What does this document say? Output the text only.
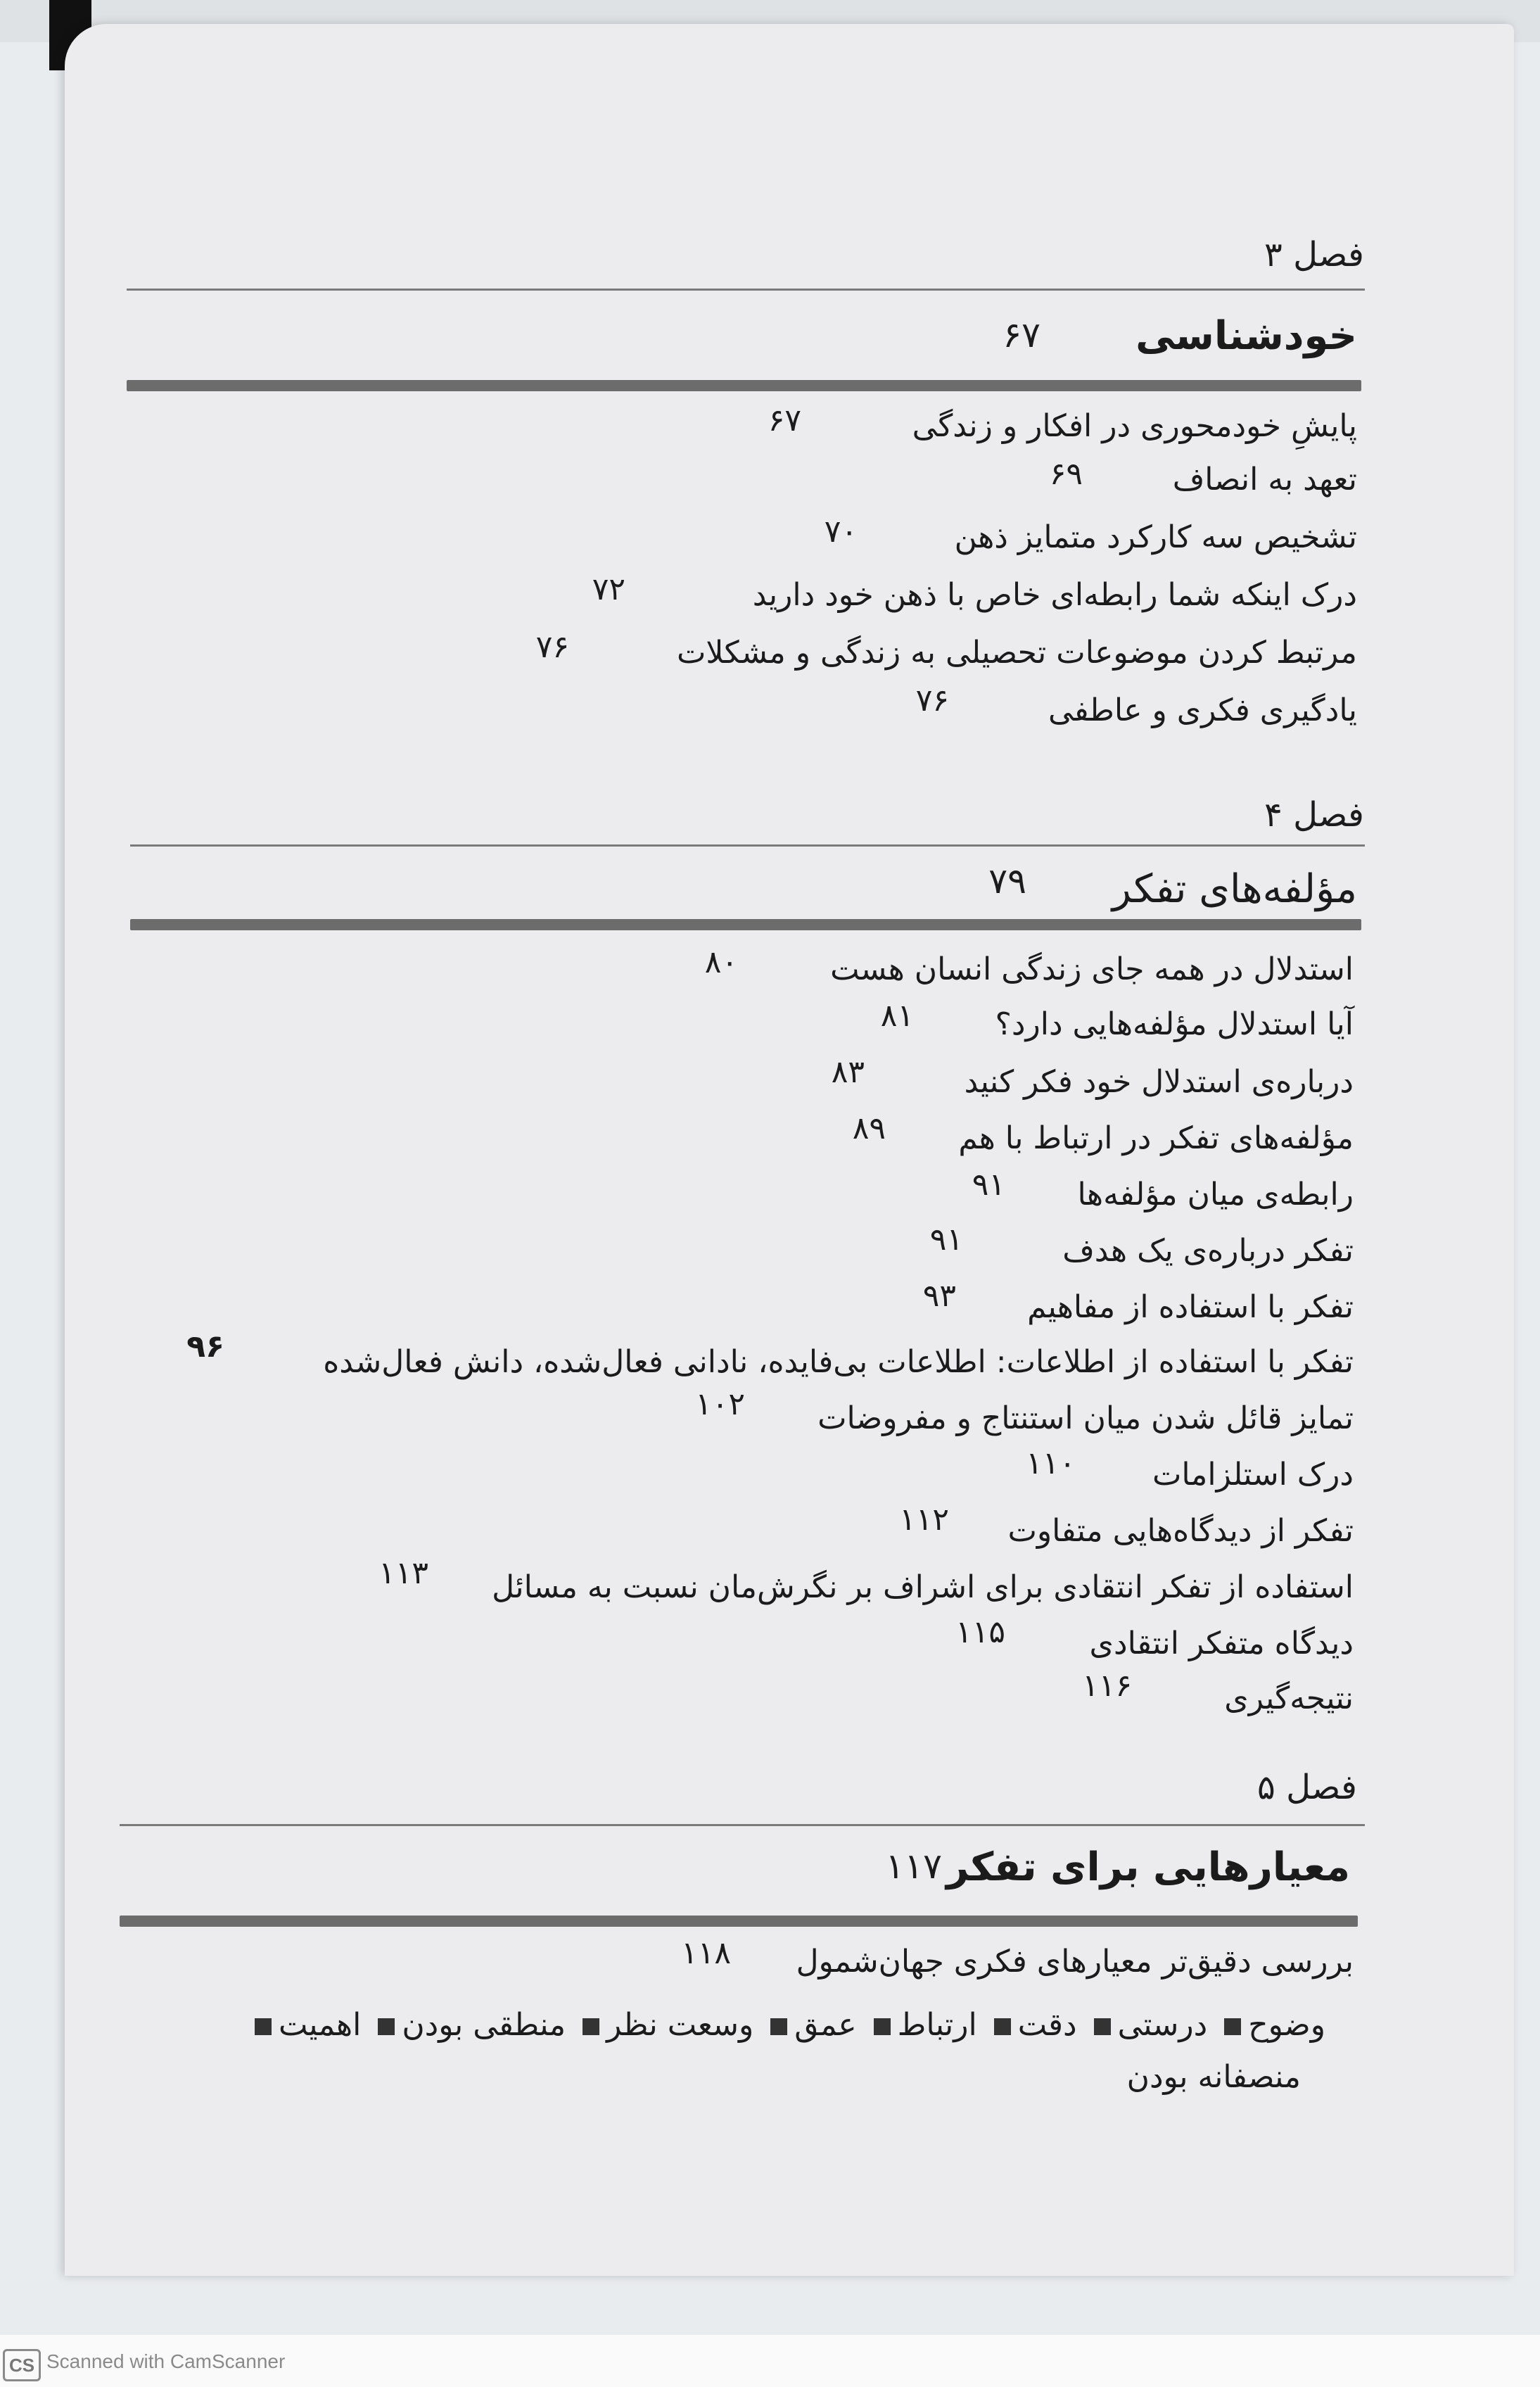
فصل ۳
خودشناسی
۶۷
پایشِ خودمحوری در افکار و زندگی
۶۷
تعهد به انصاف
۶۹
تشخیص سه کارکرد متمایز ذهن
۷۰
درک اینکه شما رابطه‌ای خاص با ذهن خود دارید
۷۲
مرتبط کردن موضوعات تحصیلی به زندگی و مشکلات
۷۶
یادگیری فکری و عاطفی
۷۶
فصل ۴
مؤلفه‌های تفکر
۷۹
استدلال در همه جای زندگی انسان هست
۸۰
آیا استدلال مؤلفه‌هایی دارد؟
۸۱
درباره‌ی استدلال خود فکر کنید
۸۳
مؤلفه‌های تفکر در ارتباط با هم
۸۹
رابطه‌ی میان مؤلفه‌ها
۹۱
تفکر درباره‌ی یک هدف
۹۱
تفکر با استفاده از مفاهیم
۹۳
تفکر با استفاده از اطلاعات: اطلاعات بی‌فایده، نادانی فعال‌شده، دانش فعال‌شده
۹۶
تمایز قائل شدن میان استنتاج و مفروضات
۱۰۲
درک استلزامات
۱۱۰
تفکر از دیدگاه‌هایی متفاوت
۱۱۲
استفاده از تفکر انتقادی برای اشراف بر نگرش‌مان نسبت به مسائل
۱۱۳
دیدگاه متفکر انتقادی
۱۱۵
نتیجه‌گیری
۱۱۶
فصل ۵
معیارهایی برای تفکر
۱۱۷
بررسی دقیق‌تر معیارهای فکری جهان‌شمول
۱۱۸
وضوح درستی دقت ارتباط عمق وسعت نظر منطقی بودن اهمیت
منصفانه بودن
CS Scanned with CamScanner
